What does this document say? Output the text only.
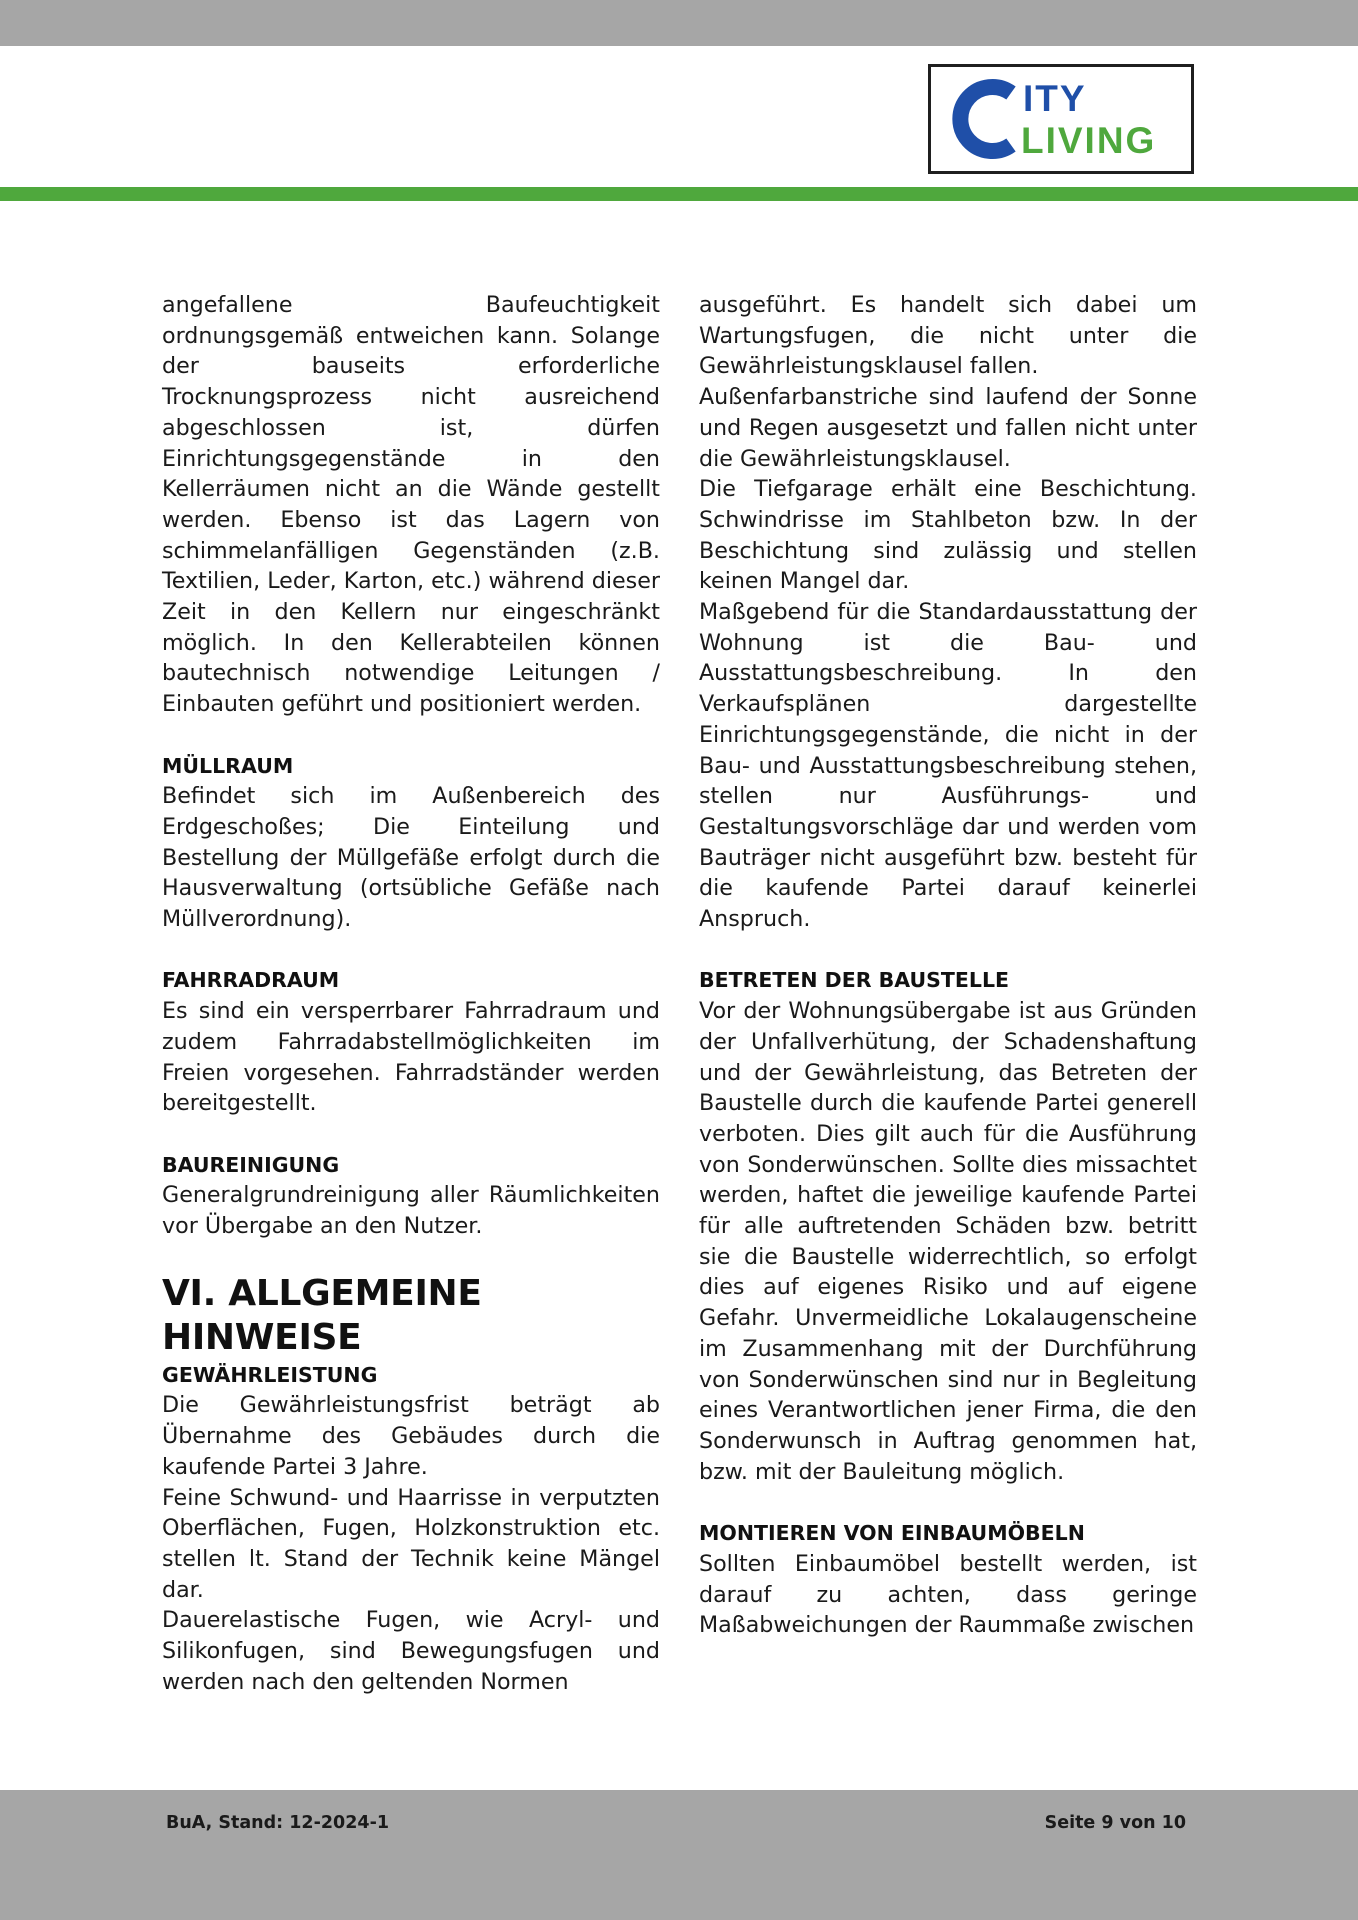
ITY
LIVING

angefallene Baufeuchtigkeit ordnungsgemäß entweichen kann. Solange der bauseits erforderliche Trocknungsprozess nicht ausreichend abgeschlossen ist, dürfen Einrichtungsgegenstände in den Kellerräumen nicht an die Wände gestellt werden. Ebenso ist das Lagern von schimmelanfälligen Gegenständen (z.B. Textilien, Leder, Karton, etc.) während dieser Zeit in den Kellern nur eingeschränkt möglich. In den Kellerabteilen können bautechnisch notwendige Leitungen / Einbauten geführt und positioniert werden.

MÜLLRAUM

Befindet sich im Außenbereich des Erdgeschoßes; Die Einteilung und Bestellung der Müllgefäße erfolgt durch die Hausverwaltung (ortsübliche Gefäße nach Müllverordnung).

FAHRRADRAUM

Es sind ein versperrbarer Fahrradraum und zudem Fahrradabstellmöglichkeiten im Freien vorgesehen. Fahrradständer werden bereitgestellt.

BAUREINIGUNG

Generalgrundreinigung aller Räumlichkeiten vor Übergabe an den Nutzer.

VI. ALLGEMEINE HINWEISE
GEWÄHRLEISTUNG

Die Gewährleistungsfrist beträgt ab Übernahme des Gebäudes durch die kaufende Partei 3 Jahre.

Feine Schwund- und Haarrisse in verputzten Oberflächen, Fugen, Holzkonstruktion etc. stellen lt. Stand der Technik keine Mängel dar.

Dauerelastische Fugen, wie Acryl- und Silikonfugen, sind Bewegungsfugen und werden nach den geltenden Normen

ausgeführt. Es handelt sich dabei um Wartungsfugen, die nicht unter die Gewährleistungsklausel fallen.

Außenfarbanstriche sind laufend der Sonne und Regen ausgesetzt und fallen nicht unter die Gewährleistungsklausel.

Die Tiefgarage erhält eine Beschichtung. Schwindrisse im Stahlbeton bzw. In der Beschichtung sind zulässig und stellen keinen Mangel dar.

Maßgebend für die Standardausstattung der Wohnung ist die Bau- und Ausstattungsbeschreibung. In den Verkaufsplänen dargestellte Einrichtungsgegenstände, die nicht in der Bau- und Ausstattungsbeschreibung stehen, stellen nur Ausführungs- und Gestaltungsvorschläge dar und werden vom Bauträger nicht ausgeführt bzw. besteht für die kaufende Partei darauf keinerlei Anspruch.

BETRETEN DER BAUSTELLE

Vor der Wohnungsübergabe ist aus Gründen der Unfallverhütung, der Schadenshaftung und der Gewährleistung, das Betreten der Baustelle durch die kaufende Partei generell verboten. Dies gilt auch für die Ausführung von Sonderwünschen. Sollte dies missachtet werden, haftet die jeweilige kaufende Partei für alle auftretenden Schäden bzw. betritt sie die Baustelle widerrechtlich, so erfolgt dies auf eigenes Risiko und auf eigene Gefahr. Unvermeidliche Lokalaugenscheine im Zusammenhang mit der Durchführung von Sonderwünschen sind nur in Begleitung eines Verantwortlichen jener Firma, die den Sonderwunsch in Auftrag genommen hat, bzw. mit der Bauleitung möglich.

MONTIEREN VON EINBAUMÖBELN

Sollten Einbaumöbel bestellt werden, ist darauf zu achten, dass geringe Maßabweichungen der Raummaße zwischen

BuA, Stand: 12-2024-1	Seite 9 von 10
